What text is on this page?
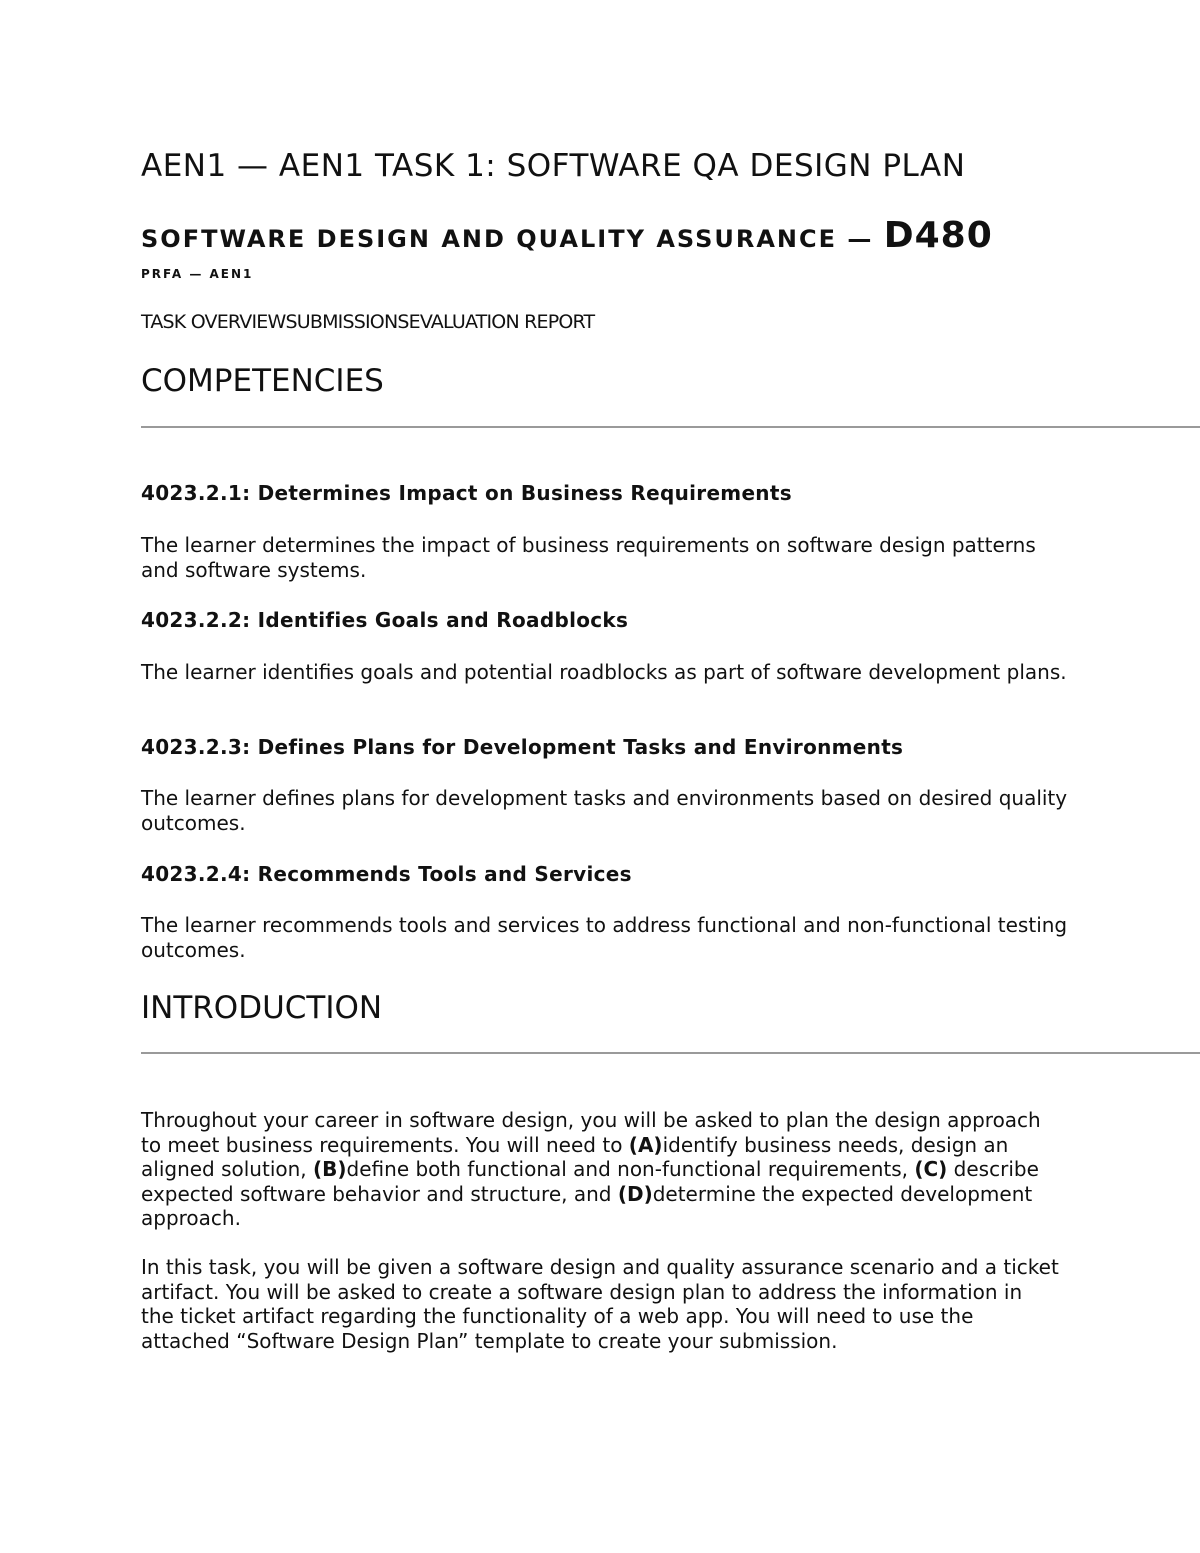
AEN1 — AEN1 TASK 1: SOFTWARE QA DESIGN PLAN
SOFTWARE DESIGN AND QUALITY ASSURANCE — D480
PRFA — AEN1
TASK OVERVIEW SUBMISSIONS EVALUATION REPORT
COMPETENCIES
4023.2.1: Determines Impact on Business Requirements

The learner determines the impact of business requirements on software design patterns and software systems.

4023.2.2: Identifies Goals and Roadblocks

The learner identifies goals and potential roadblocks as part of software development plans.

4023.2.3: Defines Plans for Development Tasks and Environments

The learner defines plans for development tasks and environments based on desired quality outcomes.

4023.2.4: Recommends Tools and Services

The learner recommends tools and services to address functional and non-functional testing outcomes.

INTRODUCTION

Throughout your career in software design, you will be asked to plan the design approach to meet business requirements. You will need to (A)identify business needs, design an aligned solution, (B)define both functional and non-functional requirements, (C) describe expected software behavior and structure, and (D)determine the expected development approach.

In this task, you will be given a software design and quality assurance scenario and a ticket artifact. You will be asked to create a software design plan to address the information in the ticket artifact regarding the functionality of a web app. You will need to use the attached “Software Design Plan” template to create your submission.
